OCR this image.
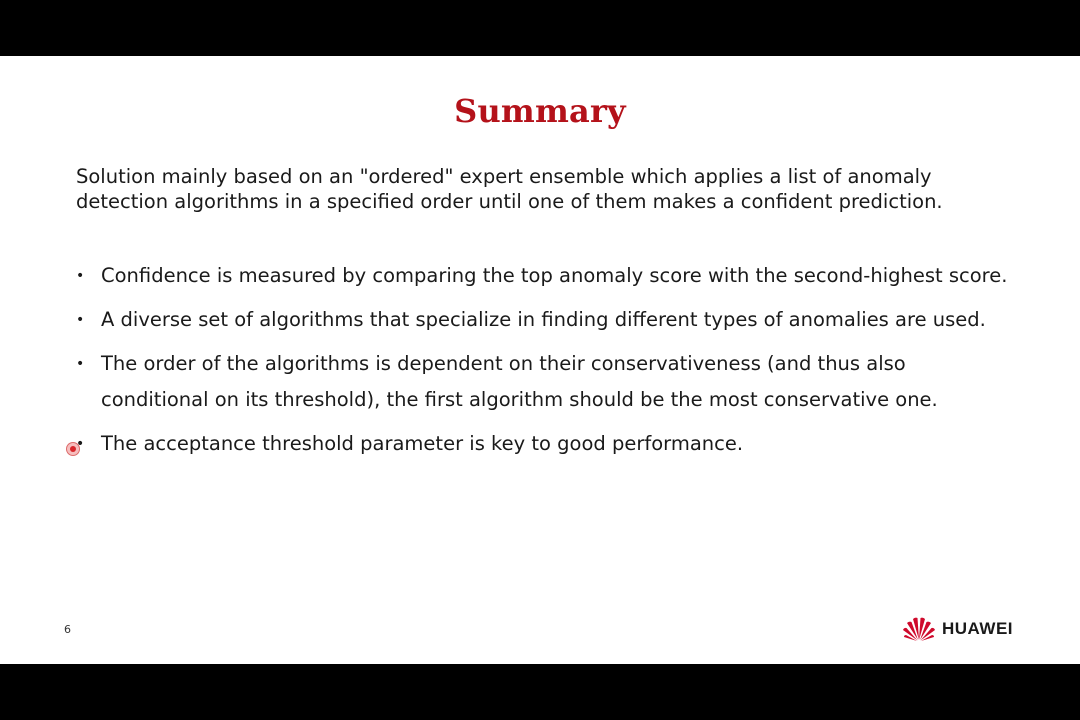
Summary
Solution mainly based on an "ordered" expert ensemble which applies a list of anomaly detection algorithms in a specified order until one of them makes a confident prediction.
• Confidence is measured by comparing the top anomaly score with the second-highest score.
• A diverse set of algorithms that specialize in finding different types of anomalies are used.
• The order of the algorithms is dependent on their conservativeness (and thus also conditional on its threshold), the first algorithm should be the most conservative one.
• The acceptance threshold parameter is key to good performance.
6	HUAWEI
